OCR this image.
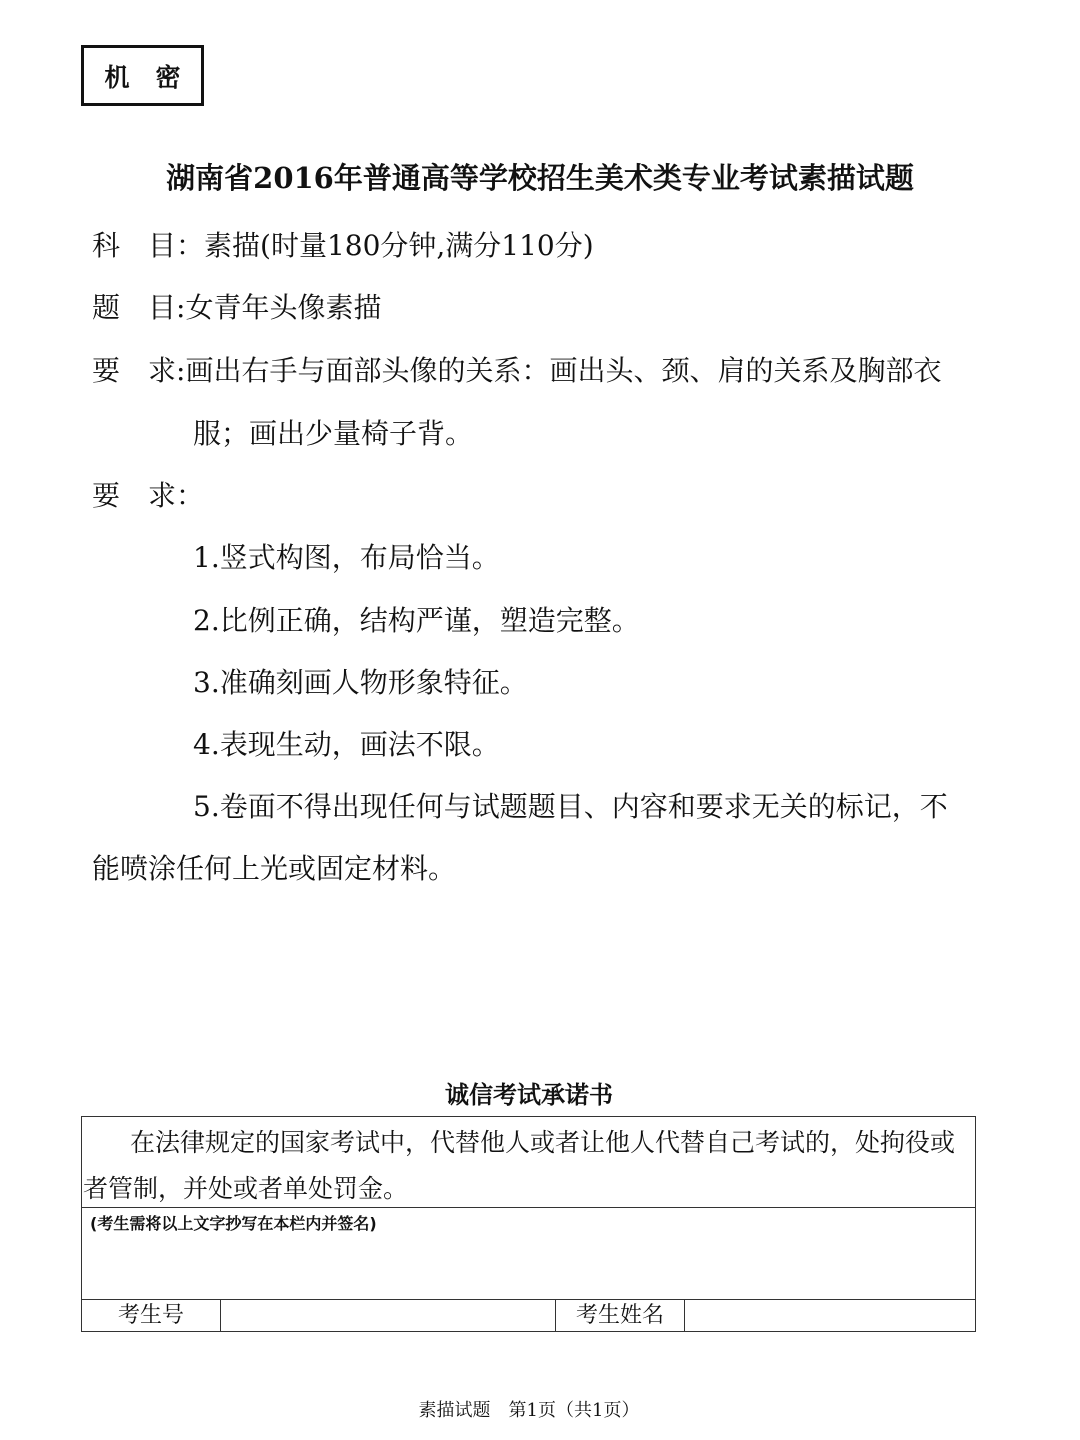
机密
湖南省2016年普通高等学校招生美术类专业考试素描试题
科　目：素描(时量180分钟,满分110分)
题　目:女青年头像素描
要　求:画出右手与面部头像的关系：画出头、颈、肩的关系及胸部衣
服；画出少量椅子背。
要　求：
1.竖式构图，布局恰当。
2.比例正确，结构严谨，塑造完整。
3.准确刻画人物形象特征。
4.表现生动，画法不限。
5.卷面不得出现任何与试题题目、内容和要求无关的标记，不
能喷涂任何上光或固定材料。
诚信考试承诺书
在法律规定的国家考试中，代替他人或者让他人代替自己考试的，处拘役或
者管制，并处或者单处罚金。
(考生需将以上文字抄写在本栏内并签名)
考生号	考生姓名
素描试题　第1页（共1页）
